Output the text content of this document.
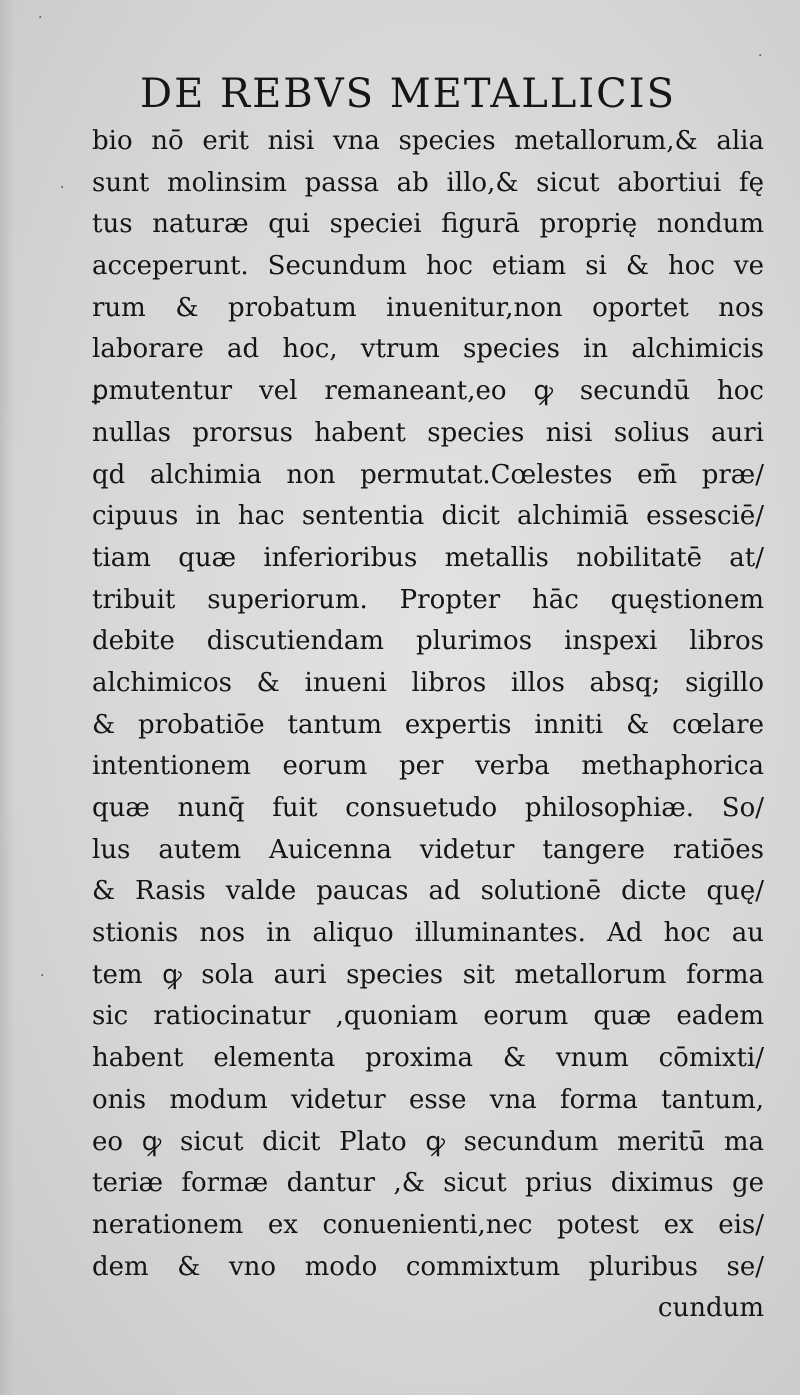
·
·
·
·
DE REBVS METALLICIS
bio nō erit nisi vna species metallorum,& alia
sunt molinsim passa ab illo,& sicut abortiui fę
tus naturæ qui speciei figurā proprię nondum
acceperunt. Secundum hoc etiam si & hoc ve
rum & probatum inuenitur,non oportet nos
laborare ad hoc, vtrum species in alchimicis
ꝑmutentur vel remaneant,eo ꝙ secundū hoc
nullas prorsus habent species nisi solius auri
qd alchimia non permutat.Cœlestes em̄ præ/
cipuus in hac sententia dicit alchimiā essesciē/
tiam quæ inferioribus metallis nobilitatē at/
tribuit superiorum. Propter hāc quęstionem
debite discutiendam plurimos inspexi libros
alchimicos & inueni libros illos absq; sigillo
& probatiōe tantum expertis inniti & cœlare
intentionem eorum per verba methaphorica
quæ nunq̄ fuit consuetudo philosophiæ. So/
lus autem Auicenna videtur tangere ratiōes
& Rasis valde paucas ad solutionē dicte quę/
stionis nos in aliquo illuminantes. Ad hoc au
tem ꝙ sola auri species sit metallorum forma
sic ratiocinatur ,quoniam eorum quæ eadem
habent elementa proxima & vnum cōmixti/
onis modum videtur esse vna forma tantum,
eo ꝙ sicut dicit Plato ꝙ secundum meritū ma
teriæ formæ dantur ,& sicut prius diximus ge
nerationem ex conuenienti,nec potest ex eis/
dem & vno modo commixtum pluribus se/
cundum
